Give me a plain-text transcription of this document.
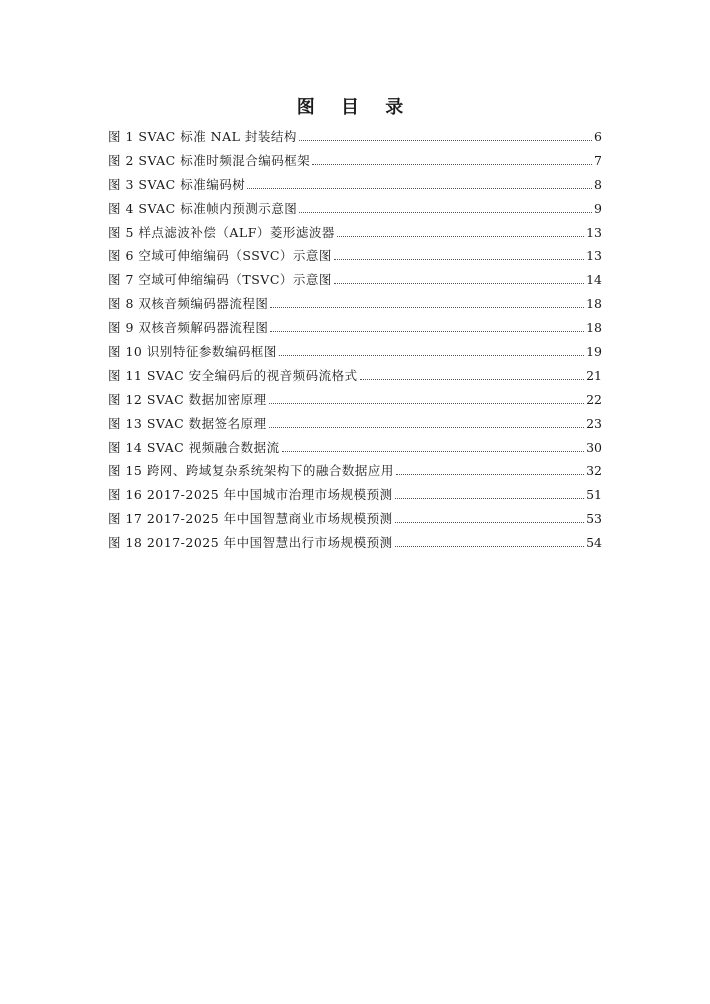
图 目 录
图 1 SVAC 标准 NAL 封装结构	6
图 2 SVAC 标准时频混合编码框架	7
图 3 SVAC 标准编码树	8
图 4 SVAC 标准帧内预测示意图	9
图 5 样点滤波补偿（ALF）菱形滤波器	13
图 6 空域可伸缩编码（SSVC）示意图	13
图 7 空域可伸缩编码（TSVC）示意图	14
图 8 双核音频编码器流程图	18
图 9 双核音频解码器流程图	18
图 10 识别特征参数编码框图	19
图 11 SVAC 安全编码后的视音频码流格式	21
图 12 SVAC 数据加密原理	22
图 13 SVAC 数据签名原理	23
图 14 SVAC 视频融合数据流	30
图 15 跨网、跨域复杂系统架构下的融合数据应用	32
图 16 2017-2025 年中国城市治理市场规模预测	51
图 17 2017-2025 年中国智慧商业市场规模预测	53
图 18 2017-2025 年中国智慧出行市场规模预测	54
